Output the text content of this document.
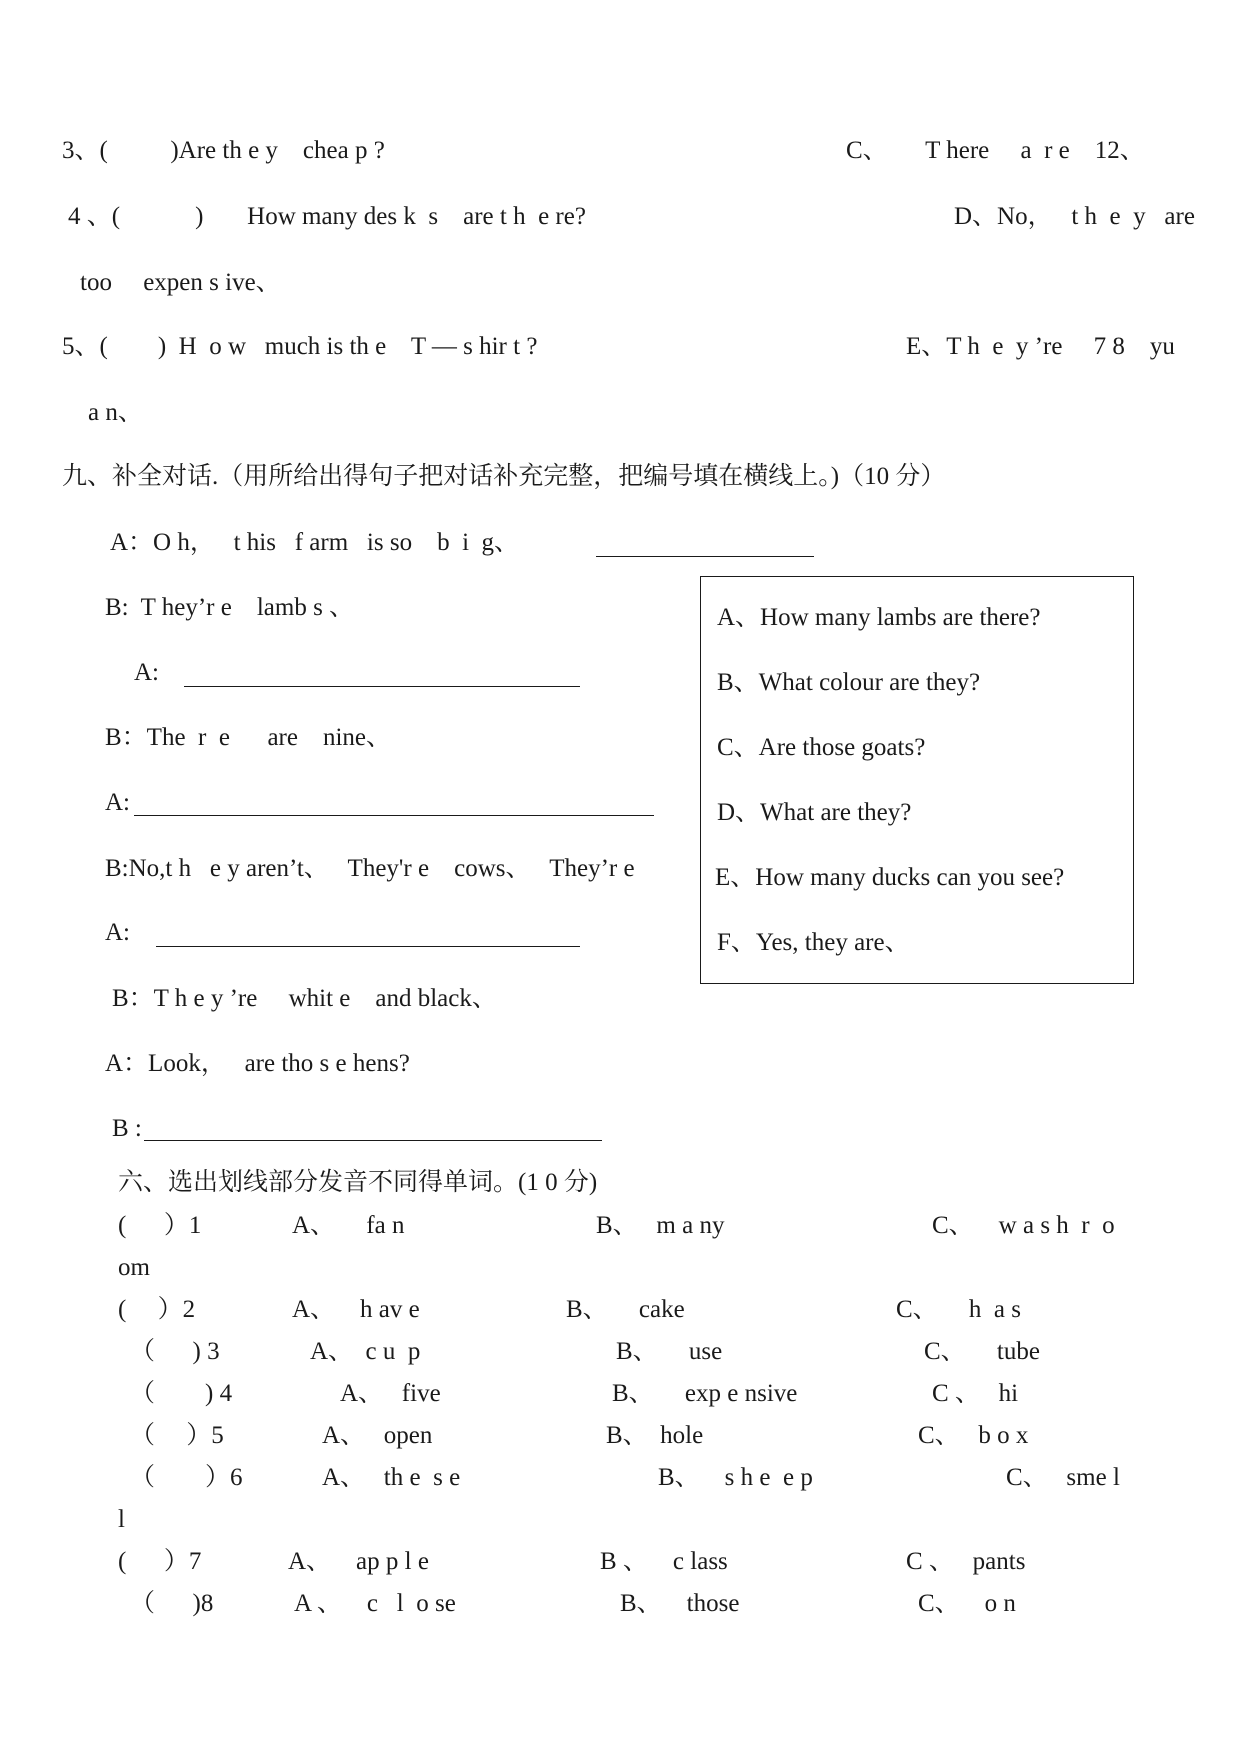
3、(          )Are th e y    chea p ?	C、      T here     a  r e    12、
4 、(            )       How many des k  s    are t h  e re?	D、No，   t h  e  y   are
too     expen s ive、
5、(        )  H  o w   much is th e    T — s hir t ?	E、T h  e  y ’re     7 8    yu
a n、
九、补全对话.（用所给出得句子把对话补充完整，把编号填在横线上。)（10 分）
A：O h，   t his   f arm   is so    b  i  g、
B:  T hey’r e    lamb s 、
A:
B：The  r  e      are    nine、
A:
B:No,t h   e y aren’t、   They'r e    cows、   They’r e
A:
B：T h e y ’re     whit e    and black、
A：Look，   are tho s e hens?
B :
A、How many lambs are there?
B、What colour are they?
C、Are those goats?
D、What are they?
E、How many ducks can you see?
F、Yes, they are、
六、选出划线部分发音不同得单词。(1 0 分)
(      ）1	A、     fa n	B、   m a ny	C、    w a s h  r  o
om
(     ）2	A、    h av e	B、     cake	C、     h  a s
（      ) 3	A、  c u  p	B、     use	C、     tube
（        ) 4	A、   five	B、     exp e nsive	C 、   hi
（     ）5	A、   open	B、  hole	C、   b o x
（        ）6	A、   th e  s e	B、    s h e  e p	C、   sme l
l
(      ）7	A、    ap p l e	B 、    c lass	C 、   pants
（      )8	A 、    c   l  o se	B、    those	C、    o n
